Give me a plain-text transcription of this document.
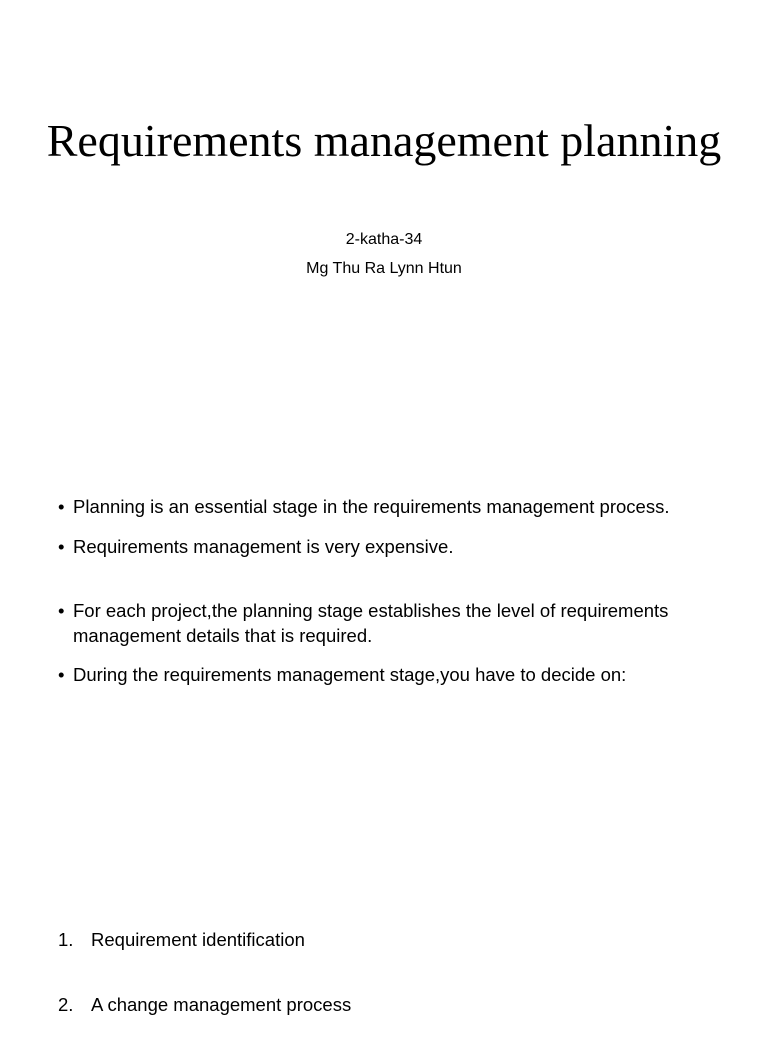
Requirements management planning
2-katha-34
Mg Thu Ra Lynn Htun
• Planning is an essential stage in the requirements management process.
• Requirements management is very expensive.
• For each project,the planning stage establishes the level of requirements management details that is required.
• During the requirements management stage,you have to decide on:
1. Requirement identification
2. A change management process
